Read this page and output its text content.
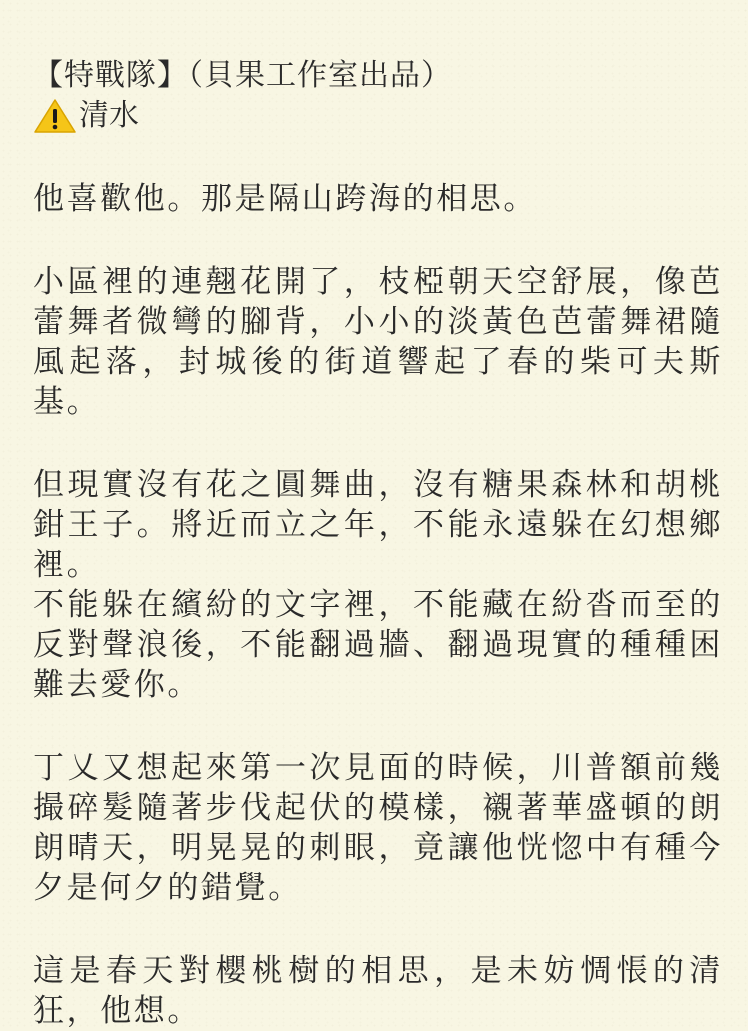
【特戰隊】（貝果工作室出品）
清水

他喜歡他。那是隔山跨海的相思。

小區裡的連翹花開了，枝椏朝天空舒展，像芭蕾舞者微彎的腳背，小小的淡黃色芭蕾舞裙隨風起落，封城後的街道響起了春的柴可夫斯基。

但現實沒有花之圓舞曲，沒有糖果森林和胡桃鉗王子。將近而立之年，不能永遠躲在幻想鄉裡。

不能躲在繽紛的文字裡，不能藏在紛沓而至的反對聲浪後，不能翻過牆、翻過現實的種種困難去愛你。

丁乂又想起來第一次見面的時候，川普額前幾撮碎髮隨著步伐起伏的模樣，襯著華盛頓的朗朗晴天，明晃晃的刺眼，竟讓他恍惚中有種今夕是何夕的錯覺。

這是春天對櫻桃樹的相思，是未妨惆悵的清狂，他想。
